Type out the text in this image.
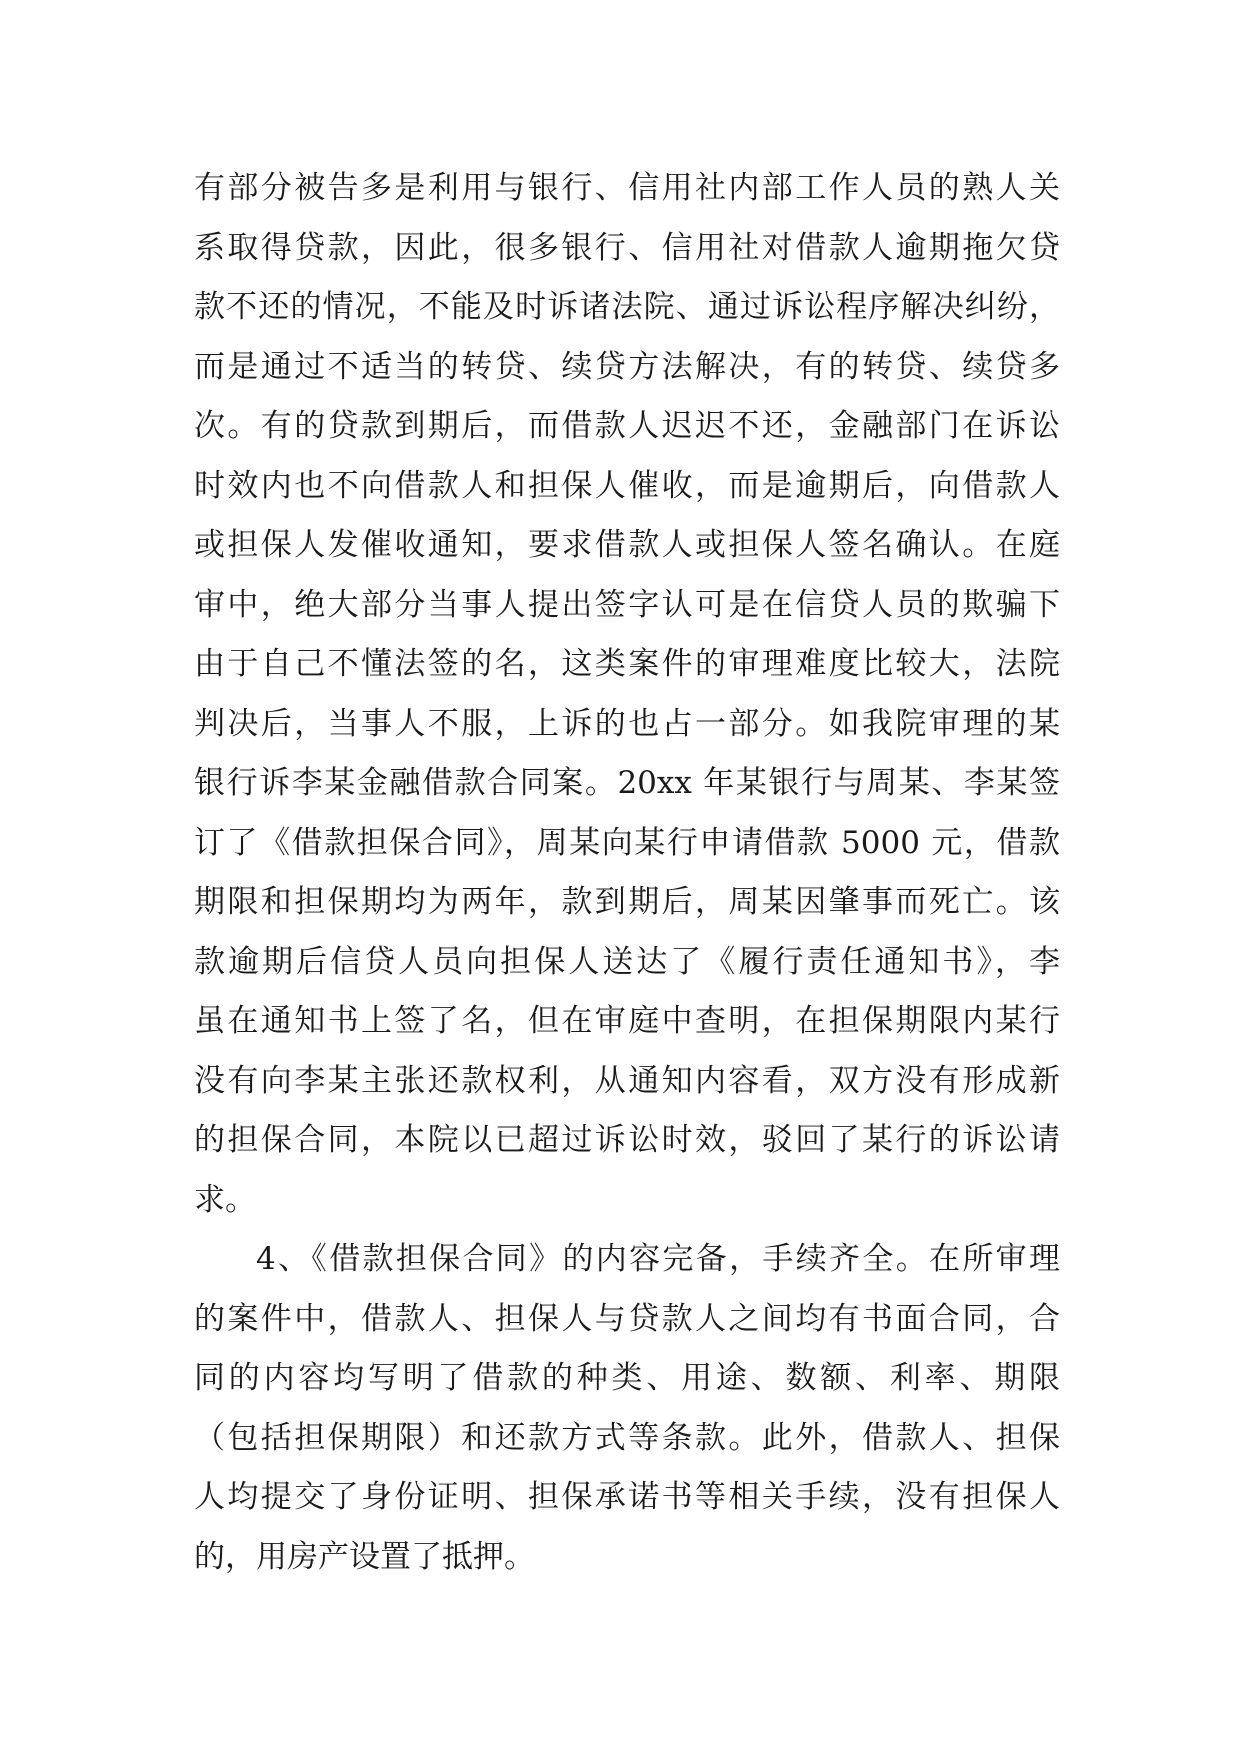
有部分被告多是利用与银行、信用社内部工作人员的熟人关
系取得贷款，因此，很多银行、信用社对借款人逾期拖欠贷
款不还的情况，不能及时诉诸法院、通过诉讼程序解决纠纷，
而是通过不适当的转贷、续贷方法解决，有的转贷、续贷多
次。有的贷款到期后，而借款人迟迟不还，金融部门在诉讼
时效内也不向借款人和担保人催收，而是逾期后，向借款人
或担保人发催收通知，要求借款人或担保人签名确认。在庭
审中，绝大部分当事人提出签字认可是在信贷人员的欺骗下
由于自己不懂法签的名，这类案件的审理难度比较大，法院
判决后，当事人不服，上诉的也占一部分。如我院审理的某
银行诉李某金融借款合同案。20xx 年某银行与周某、李某签
订了《借款担保合同》，周某向某行申请借款 5000 元，借款
期限和担保期均为两年，款到期后，周某因肇事而死亡。该
款逾期后信贷人员向担保人送达了《履行责任通知书》，李
虽在通知书上签了名，但在审庭中查明，在担保期限内某行
没有向李某主张还款权利，从通知内容看，双方没有形成新
的担保合同，本院以已超过诉讼时效，驳回了某行的诉讼请
求。
4、《借款担保合同》的内容完备，手续齐全。在所审理
的案件中，借款人、担保人与贷款人之间均有书面合同，合
同的内容均写明了借款的种类、用途、数额、利率、期限
（包括担保期限）和还款方式等条款。此外，借款人、担保
人均提交了身份证明、担保承诺书等相关手续，没有担保人
的，用房产设置了抵押。
